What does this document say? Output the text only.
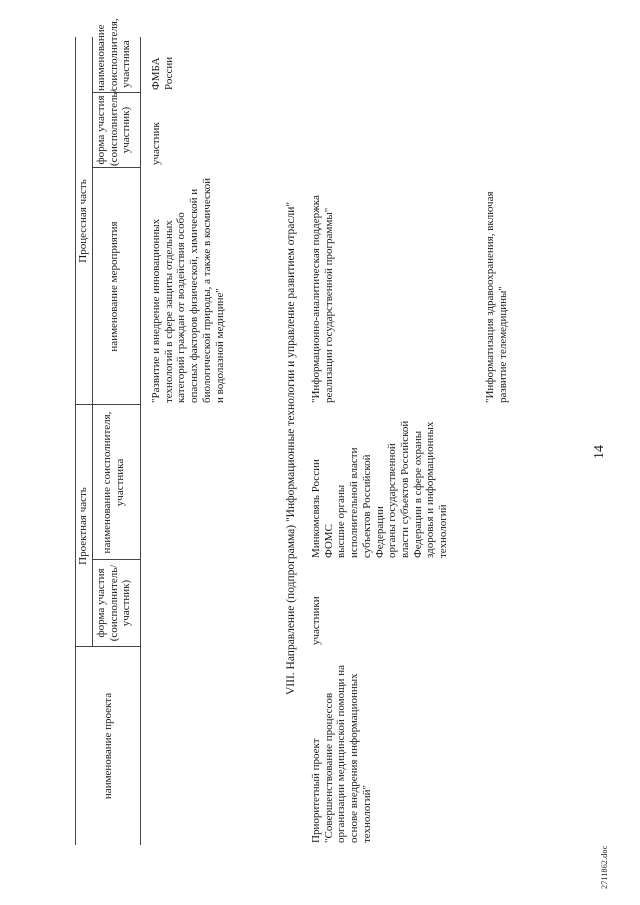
14
Проектная часть
Процессная часть
наименование проекта
форма участия (соисполнитель/ участник)
наименование соисполнителя, участника
наименование мероприятия
форма участия (соисполнитель/ участник)
наименование соисполнителя, участника
"Развитие и внедрение инновационных технологий в сфере защиты отдельных категорий граждан от воздействия особо опасных факторов физической, химической и биологической природы, а также в космической и водолазной медицине"
участник
ФМБА России
VIII. Направление (подпрограмма) "Информационные технологии и управление развитием отрасли"
Приоритетный проект "Совершенствование процессов организации медицинской помощи на основе внедрения информационных технологий"
участники
Минкомсвязь России
ФОМС
высшие органы исполнительной власти субъектов Российской Федерации
органы государственной власти субъектов Российской Федерации в сфере охраны здоровья и информационных технологий
"Информационно-аналитическая поддержка реализации государственной программы"	"Информатизация здравоохранения, включая развитие телемедицины"
2711862.doc
